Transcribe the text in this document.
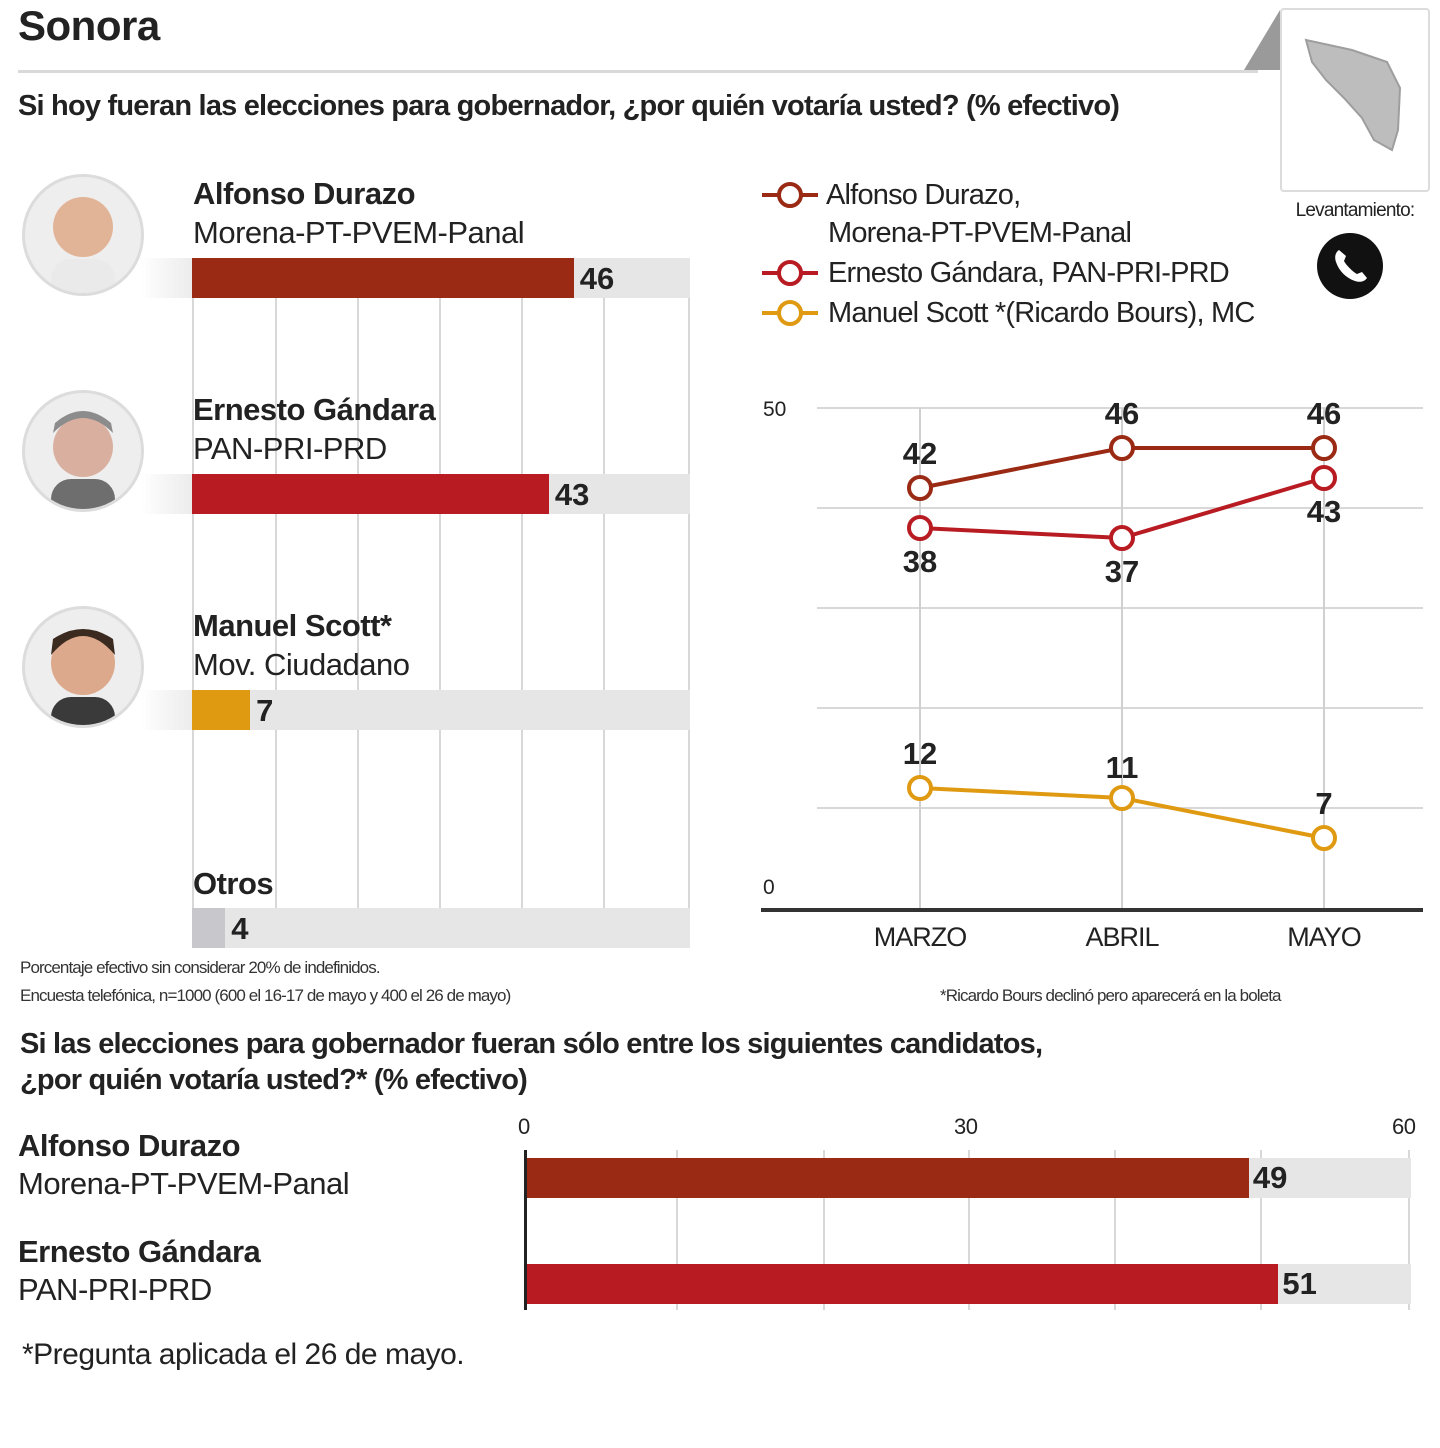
Sonora
Si hoy fueran las elecciones para gobernador, ¿por quién votaría usted? (% efectivo)
Levantamiento:
Alfonso Durazo
Morena-PT-PVEM-Panal
46
Ernesto Gándara
PAN-PRI-PRD
43
Manuel Scott*
Mov. Ciudadano
7
Otros
4
Alfonso Durazo,
Morena-PT-PVEM-Panal
Ernesto Gándara, PAN-PRI-PRD
Manuel Scott *(Ricardo Bours), MC
0
50
MARZO	ABRIL	MAYO
42
46	46
38	37
43
12	11
7
Porcentaje efectivo sin considerar 20% de indefinidos.
Encuesta telefónica, n=1000 (600 el 16-17 de mayo y 400 el 26 de mayo)	*Ricardo Bours declinó pero aparecerá en la boleta
Si las elecciones para gobernador fueran sólo entre los siguientes candidatos,
¿por quién votaría usted?* (% efectivo)
0	30	60
Alfonso Durazo
Morena-PT-PVEM-Panal	49
Ernesto Gándara
PAN-PRI-PRD	51
*Pregunta aplicada el 26 de mayo.
